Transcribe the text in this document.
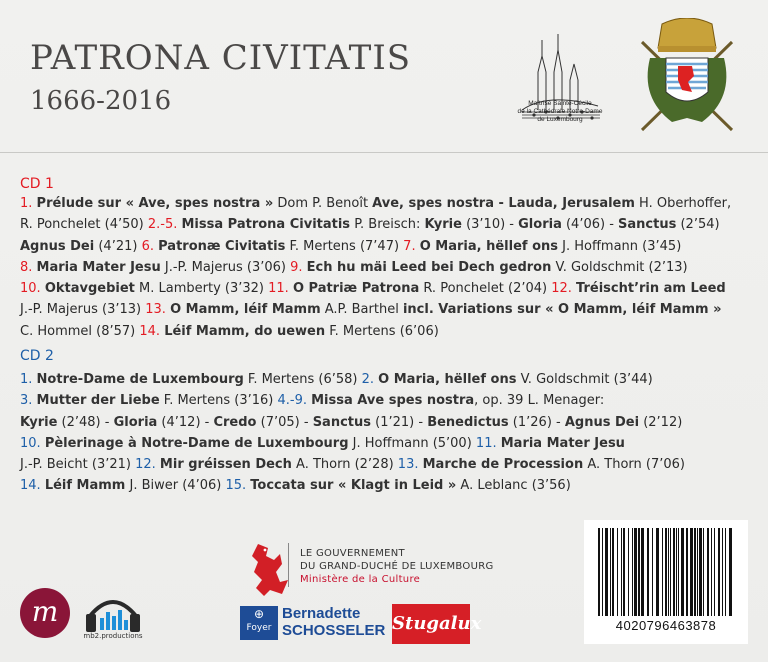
PATRONA CIVITATIS
1666-2016	Maîtrise Sainte-Cécile
de la Cathédrale Notre-Dame
de Luxembourg
CD 1
1. Prélude sur « Ave, spes nostra » Dom P. Benoît Ave, spes nostra - Lauda, Jerusalem H. Oberhoffer,
R. Ponchelet (4’50) 2.-5. Missa Patrona Civitatis P. Breisch: Kyrie (3’10) - Gloria (4’06) - Sanctus (2’54)
Agnus Dei (4’21) 6. Patronæ Civitatis F. Mertens (7’47) 7. O Maria, hëllef ons J. Hoffmann (3’45)
8. Maria Mater Jesu J.-P. Majerus (3’06) 9. Ech hu mäi Leed bei Dech gedron V. Goldschmit (2’13)
10. Oktavgebiet M. Lamberty (3’32) 11. O Patriæ Patrona R. Ponchelet (2’04) 12. Tréischt’rin am Leed
J.-P. Majerus (3’13) 13. O Mamm, léif Mamm A.P. Barthel incl. Variations sur « O Mamm, léif Mamm »
C. Hommel (8’57) 14. Léif Mamm, do uewen F. Mertens (6’06)
CD 2
1. Notre-Dame de Luxembourg F. Mertens (6’58) 2. O Maria, hëllef ons V. Goldschmit (3’44)
3. Mutter der Liebe F. Mertens (3’16) 4.-9. Missa Ave spes nostra, op. 39 L. Menager:
Kyrie (2’48) - Gloria (4’12) - Credo (7’05) - Sanctus (1’21) - Benedictus (1’26) - Agnus Dei (2’12)
10. Pèlerinage à Notre-Dame de Luxembourg J. Hoffmann (5’00) 11. Maria Mater Jesu
J.-P. Beicht (3’21) 12. Mir gréissen Dech A. Thorn (2’28) 13. Marche de Procession A. Thorn (7’06)
14. Léif Mamm J. Biwer (4’06) 15. Toccata sur « Klagt in Leid » A. Leblanc (3’56)
LE GOUVERNEMENT
DU GRAND-DUCHÉ DE LUXEMBOURG
Ministère de la Culture
m
mb2.productions
⊕
Foyer
Bernadette
SCHOSSELER Stugalux	4020796463878
